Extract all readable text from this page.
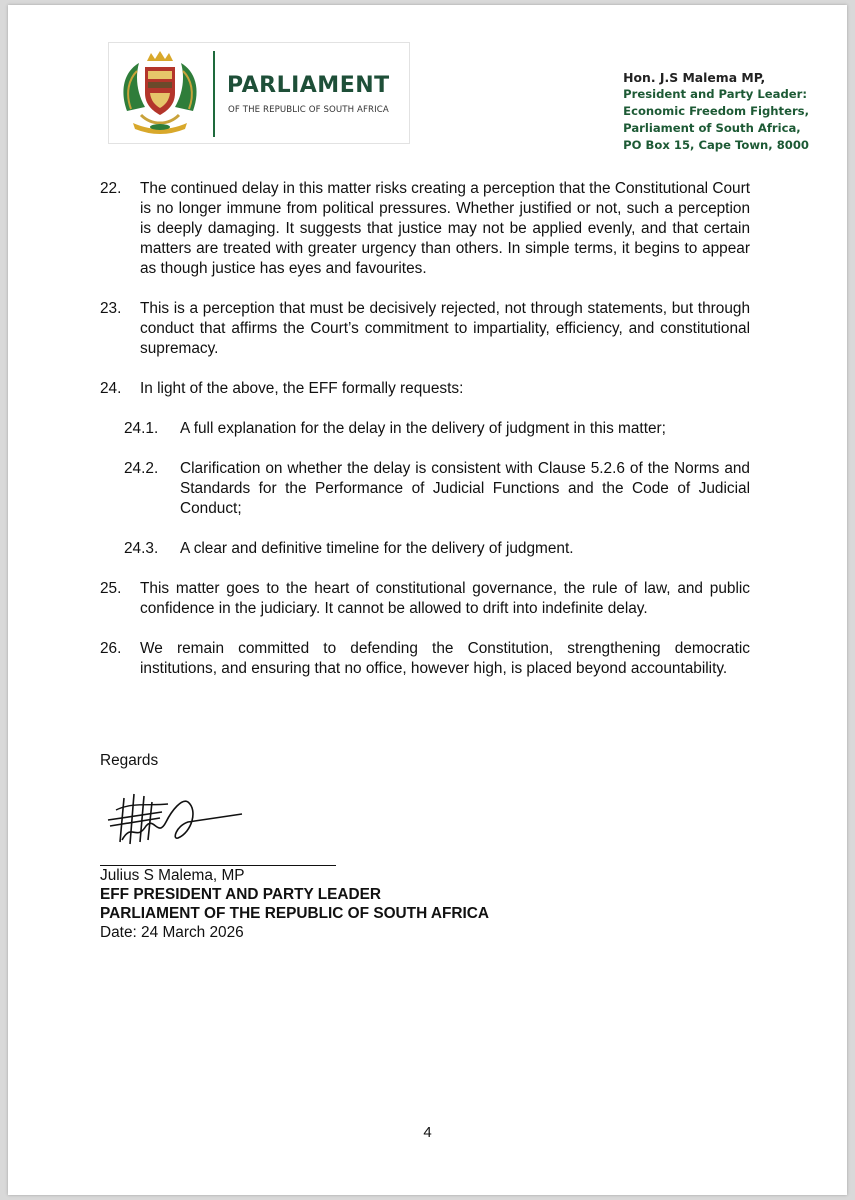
PARLIAMENT
OF THE REPUBLIC OF SOUTH AFRICA
Hon. J.S Malema MP,
President and Party Leader:
Economic Freedom Fighters,
Parliament of South Africa,
PO Box 15, Cape Town, 8000
22. The continued delay in this matter risks creating a perception that the Constitutional Court is no longer immune from political pressures. Whether justified or not, such a perception is deeply damaging. It suggests that justice may not be applied evenly, and that certain matters are treated with greater urgency than others. In simple terms, it begins to appear as though justice has eyes and favourites.
23. This is a perception that must be decisively rejected, not through statements, but through conduct that affirms the Court’s commitment to impartiality, efficiency, and constitutional supremacy.
24. In light of the above, the EFF formally requests:
24.1. A full explanation for the delay in the delivery of judgment in this matter;
24.2. Clarification on whether the delay is consistent with Clause 5.2.6 of the Norms and Standards for the Performance of Judicial Functions and the Code of Judicial Conduct;
24.3. A clear and definitive timeline for the delivery of judgment.
25. This matter goes to the heart of constitutional governance, the rule of law, and public confidence in the judiciary. It cannot be allowed to drift into indefinite delay.
26. We remain committed to defending the Constitution, strengthening democratic institutions, and ensuring that no office, however high, is placed beyond accountability.
Regards
Julius S Malema, MP
EFF PRESIDENT AND PARTY LEADER
PARLIAMENT OF THE REPUBLIC OF SOUTH AFRICA
Date: 24 March 2026
4
